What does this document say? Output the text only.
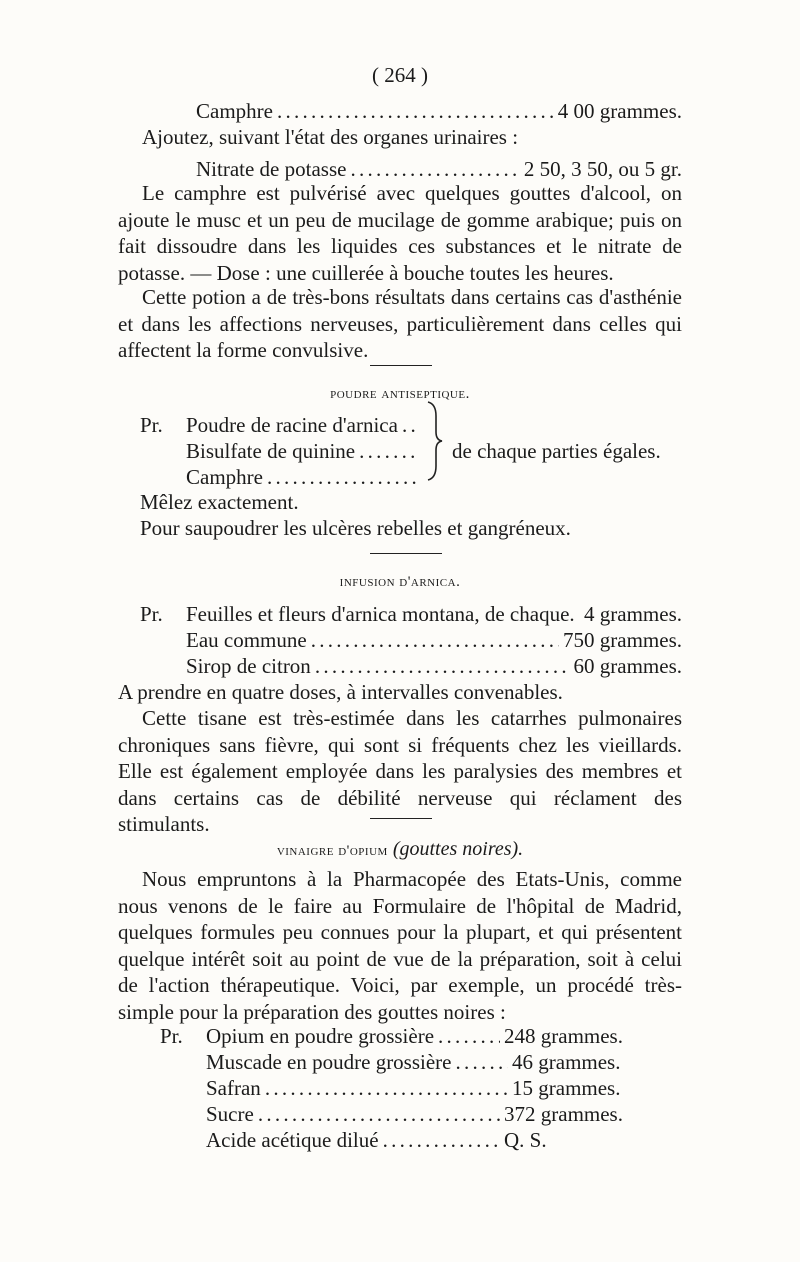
( 264 )
Camphre . . .	4 00 grammes.
Ajoutez, suivant l'état des organes urinaires :
Nitrate de potasse . . .	2 50, 3 50, ou 5 gr.
Le camphre est pulvérisé avec quelques gouttes d'alcool, on ajoute le musc et un peu de mucilage de gomme arabique; puis on fait dissoudre dans les liquides ces substances et le nitrate de potasse. — Dose : une cuillerée à bouche toutes les heures.
Cette potion a de très-bons résultats dans certains cas d'asthénie et dans les affections nerveuses, particulièrement dans celles qui affectent la forme convulsive.
poudre antiseptique.
Pr. Poudre de racine d'arnica
. . .
Bisulfate de quinine
. . .
Camphre
. . .
de chaque parties égales.
Mêlez exactement.
Pour saupoudrer les ulcères rebelles et gangréneux.
infusion d'arnica.
Pr. Feuilles et fleurs d'arnica montana, de chaque. 4 grammes.
Eau commune . . .	750 grammes.
Sirop de citron . . .	60 grammes.
A prendre en quatre doses, à intervalles convenables.
Cette tisane est très-estimée dans les catarrhes pulmonaires chroniques sans fièvre, qui sont si fréquents chez les vieillards. Elle est également employée dans les paralysies des membres et dans certains cas de débilité nerveuse qui réclament des stimulants.
vinaigre d'opium (gouttes noires).
Nous empruntons à la Pharmacopée des Etats-Unis, comme nous venons de le faire au Formulaire de l'hôpital de Madrid, quelques formules peu connues pour la plupart, et qui présentent quelque intérêt soit au point de vue de la préparation, soit à celui de l'action thérapeutique. Voici, par exemple, un procédé très-simple pour la préparation des gouttes noires :
Pr. Opium en poudre grossière . . .	248 grammes.
Muscade en poudre grossière . . .	46 grammes.
Safran . . .	15 grammes.
Sucre . . .	372 grammes.
Acide acétique dilué . . .	Q. S.
